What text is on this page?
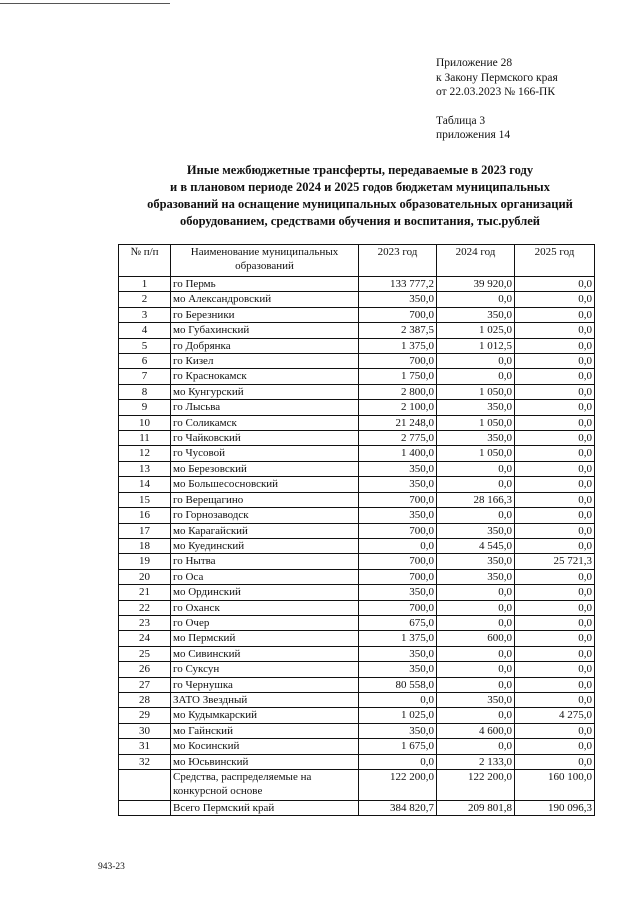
Приложение 28
к Закону Пермского края
от 22.03.2023 № 166-ПК
Таблица 3
приложения 14
Иные межбюджетные трансферты, передаваемые в 2023 году
и в плановом периоде 2024 и 2025 годов бюджетам муниципальных
образований на оснащение муниципальных образовательных организаций
оборудованием, средствами обучения и воспитания, тыс.рублей
№ п/п	Наименование муниципальных образований	2023 год	2024 год	2025 год
1	го Пермь	133 777,2	39 920,0	0,0
2	мо Александровский	350,0	0,0	0,0
3	го Березники	700,0	350,0	0,0
4	мо Губахинский	2 387,5	1 025,0	0,0
5	го Добрянка	1 375,0	1 012,5	0,0
6	го Кизел	700,0	0,0	0,0
7	го Краснокамск	1 750,0	0,0	0,0
8	мо Кунгурский	2 800,0	1 050,0	0,0
9	го Лысьва	2 100,0	350,0	0,0
10	го Соликамск	21 248,0	1 050,0	0,0
11	го Чайковский	2 775,0	350,0	0,0
12	го Чусовой	1 400,0	1 050,0	0,0
13	мо Березовский	350,0	0,0	0,0
14	мо Большесосновский	350,0	0,0	0,0
15	го Верещагино	700,0	28 166,3	0,0
16	го Горнозаводск	350,0	0,0	0,0
17	мо Карагайский	700,0	350,0	0,0
18	мо Куединский	0,0	4 545,0	0,0
19	го Нытва	700,0	350,0	25 721,3
20	го Оса	700,0	350,0	0,0
21	мо Ординский	350,0	0,0	0,0
22	го Оханск	700,0	0,0	0,0
23	го Очер	675,0	0,0	0,0
24	мо Пермский	1 375,0	600,0	0,0
25	мо Сивинский	350,0	0,0	0,0
26	го Суксун	350,0	0,0	0,0
27	го Чернушка	80 558,0	0,0	0,0
28	ЗАТО Звездный	0,0	350,0	0,0
29	мо Кудымкарский	1 025,0	0,0	4 275,0
30	мо Гайнский	350,0	4 600,0	0,0
31	мо Косинский	1 675,0	0,0	0,0
32	мо Юсьвинский	0,0	2 133,0	0,0
	Средства, распределяемые на конкурсной основе	122 200,0	122 200,0	160 100,0
	Всего Пермский край	384 820,7	209 801,8	190 096,3
943-23
